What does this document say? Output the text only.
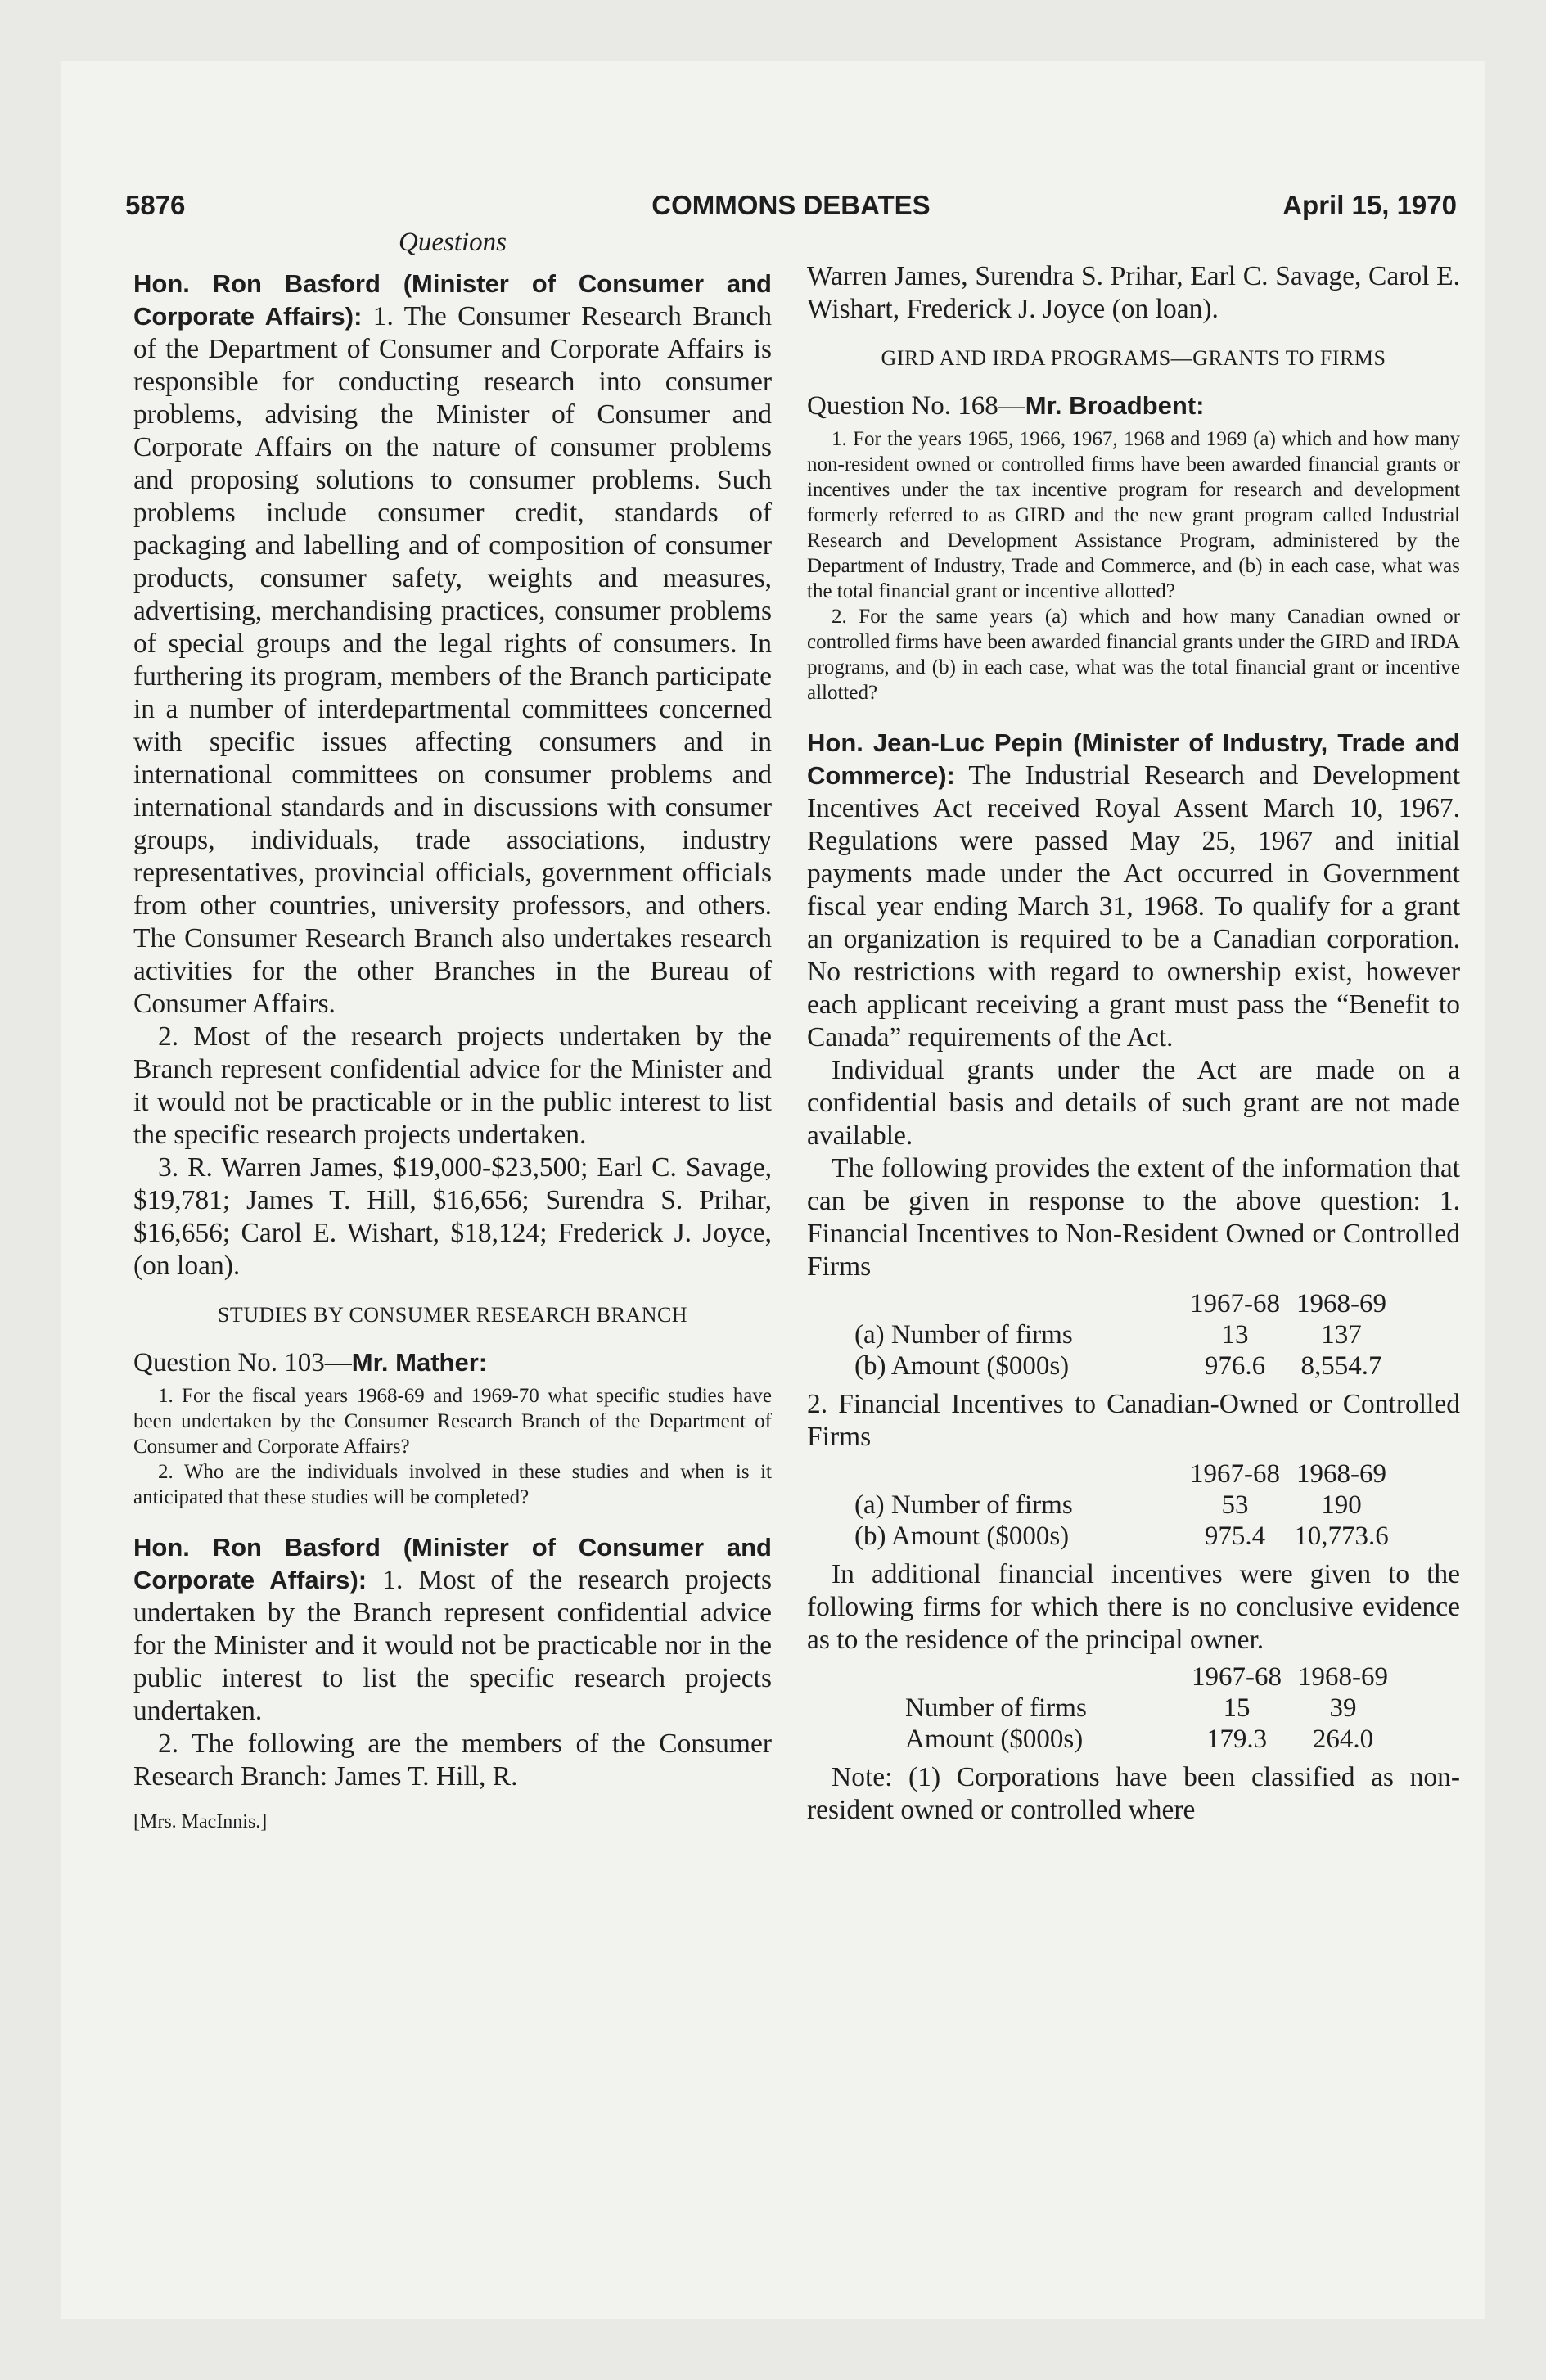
5876	COMMONS DEBATES	April 15, 1970
Questions

Hon. Ron Basford (Minister of Consumer and Corporate Affairs): 1. The Consumer Research Branch of the Department of Consumer and Corporate Affairs is responsible for conducting research into consumer problems, advising the Minister of Consumer and Corporate Affairs on the nature of consumer problems and proposing solutions to consumer problems. Such problems include consumer credit, standards of packaging and labelling and of composition of consumer products, consumer safety, weights and measures, advertising, merchandising practices, consumer problems of special groups and the legal rights of consumers. In furthering its program, members of the Branch participate in a number of interdepartmental committees concerned with specific issues affecting consumers and in international committees on consumer problems and international standards and in discussions with consumer groups, individuals, trade associations, industry representatives, provincial officials, government officials from other countries, university professors, and others. The Consumer Research Branch also undertakes research activities for the other Branches in the Bureau of Consumer Affairs.

2. Most of the research projects undertaken by the Branch represent confidential advice for the Minister and it would not be practicable or in the public interest to list the specific research projects undertaken.

3. R. Warren James, $19,000-$23,500; Earl C. Savage, $19,781; James T. Hill, $16,656; Surendra S. Prihar, $16,656; Carol E. Wishart, $18,124; Frederick J. Joyce, (on loan).

STUDIES BY CONSUMER RESEARCH BRANCH
Question No. 103—Mr. Mather:

1. For the fiscal years 1968-69 and 1969-70 what specific studies have been undertaken by the Consumer Research Branch of the Department of Consumer and Corporate Affairs?

2. Who are the individuals involved in these studies and when is it anticipated that these studies will be completed?

Hon. Ron Basford (Minister of Consumer and Corporate Affairs): 1. Most of the research projects undertaken by the Branch represent confidential advice for the Minister and it would not be practicable nor in the public interest to list the specific research projects undertaken.

2. The following are the members of the Consumer Research Branch: James T. Hill, R.

[Mrs. MacInnis.]

Warren James, Surendra S. Prihar, Earl C. Savage, Carol E. Wishart, Frederick J. Joyce (on loan).

GIRD AND IRDA PROGRAMS—GRANTS TO FIRMS
Question No. 168—Mr. Broadbent:

1. For the years 1965, 1966, 1967, 1968 and 1969 (a) which and how many non-resident owned or controlled firms have been awarded financial grants or incentives under the tax incentive program for research and development formerly referred to as GIRD and the new grant program called Industrial Research and Development Assistance Program, administered by the Department of Industry, Trade and Commerce, and (b) in each case, what was the total financial grant or incentive allotted?

2. For the same years (a) which and how many Canadian owned or controlled firms have been awarded financial grants under the GIRD and IRDA programs, and (b) in each case, what was the total financial grant or incentive allotted?

Hon. Jean-Luc Pepin (Minister of Industry, Trade and Commerce): The Industrial Research and Development Incentives Act received Royal Assent March 10, 1967. Regulations were passed May 25, 1967 and initial payments made under the Act occurred in Government fiscal year ending March 31, 1968. To qualify for a grant an organization is required to be a Canadian corporation. No restrictions with regard to ownership exist, however each applicant receiving a grant must pass the “Benefit to Canada” requirements of the Act.

Individual grants under the Act are made on a confidential basis and details of such grant are not made available.

The following provides the extent of the information that can be given in response to the above question: 1. Financial Incentives to Non-Resident Owned or Controlled Firms

	1967-68	1968-69
(a) Number of firms	13	137
(b) Amount ($000s)	976.6	8,554.7

2. Financial Incentives to Canadian-Owned or Controlled Firms

	1967-68	1968-69
(a) Number of firms	53	190
(b) Amount ($000s)	975.4	10,773.6

In additional financial incentives were given to the following firms for which there is no conclusive evidence as to the residence of the principal owner.

	1967-68	1968-69
Number of firms	15	39
Amount ($000s)	179.3	264.0

Note: (1) Corporations have been classified as non-resident owned or controlled where
